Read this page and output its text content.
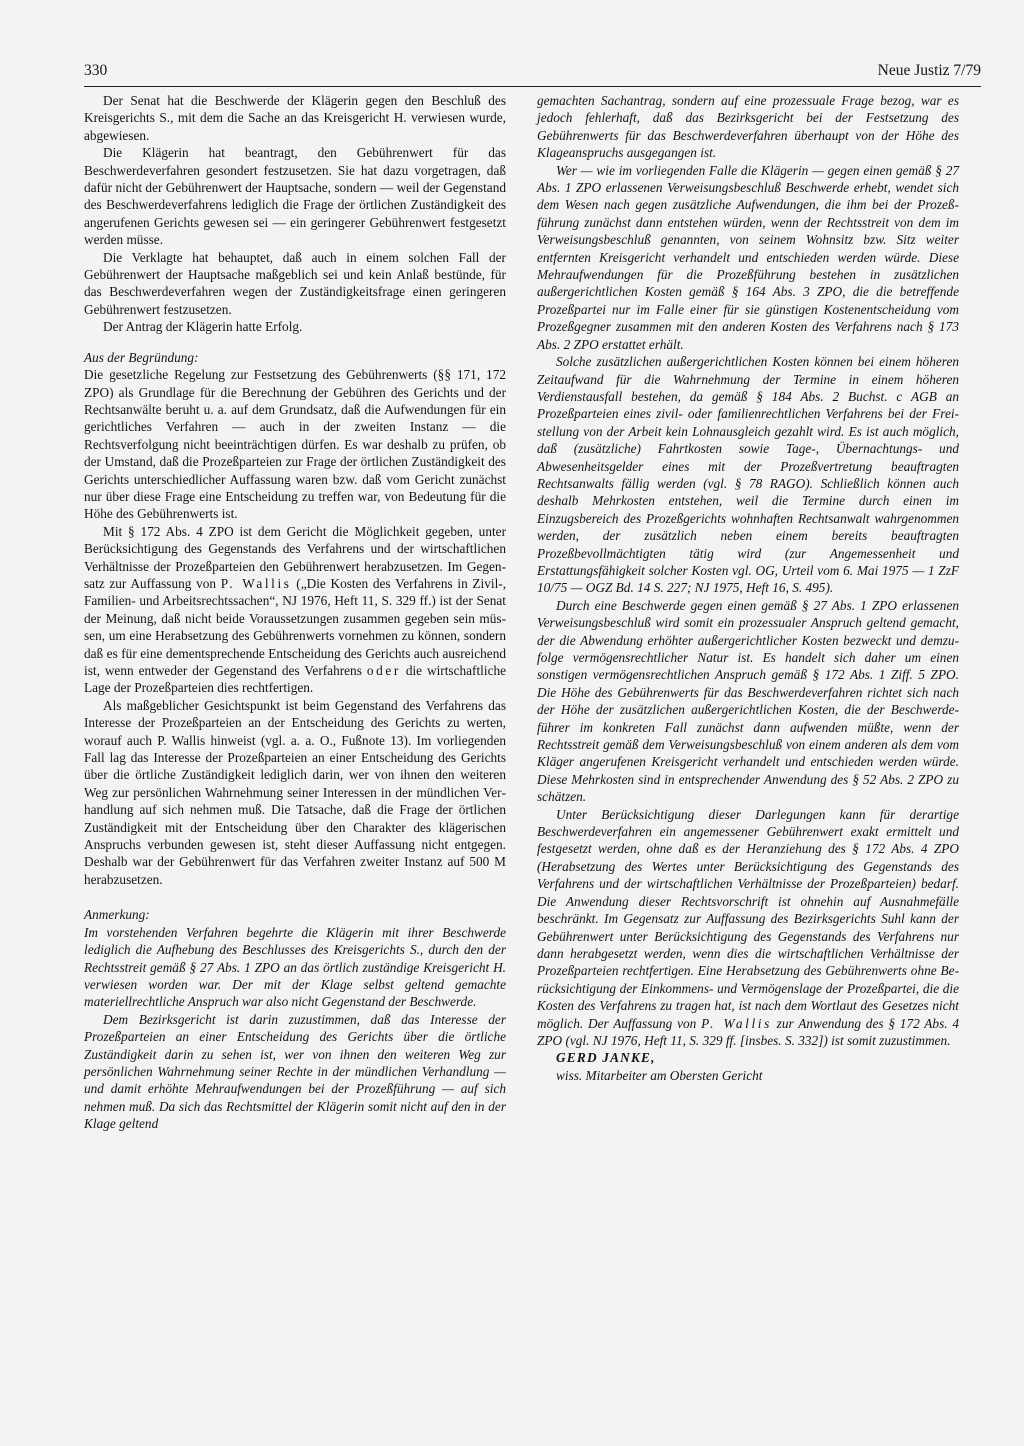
330	Neue Justiz 7/79

Der Senat hat die Beschwerde der Klägerin gegen den Beschluß des Kreisgerichts S., mit dem die Sache an das Kreisgericht H. verwiesen wurde, abgewiesen.

Die Klägerin hat beantragt, den Gebührenwert für das Beschwerdeverfahren gesondert festzusetzen. Sie hat dazu vorgetragen, daß dafür nicht der Gebührenwert der Hauptsache, sondern — weil der Gegenstand des Beschwerdeverfahrens lediglich die Frage der örtlichen Zuständigkeit des angerufenen Gerichts gewesen sei — ein geringerer Gebührenwert festgesetzt werden müsse.

Die Verklagte hat behauptet, daß auch in einem solchen Fall der Gebührenwert der Hauptsache maßgeblich sei und kein Anlaß bestünde, für das Beschwerdeverfahren wegen der Zuständigkeitsfrage einen geringeren Gebührenwert festzusetzen.

Der Antrag der Klägerin hatte Erfolg.

Aus der Begründung:

Die gesetzliche Regelung zur Festsetzung des Gebührenwerts (§§ 171, 172 ZPO) als Grundlage für die Berechnung der Gebühren des Gerichts und der Rechtsanwälte beruht u. a. auf dem Grundsatz, daß die Aufwendungen für ein gerichtliches Verfahren — auch in der zweiten Instanz — die Rechtsverfolgung nicht beeinträchtigen dürfen. Es war deshalb zu prüfen, ob der Umstand, daß die Prozeßparteien zur Frage der örtlichen Zuständigkeit des Gerichts unterschiedlicher Auffassung waren bzw. daß vom Gericht zunächst nur über diese Frage eine Entscheidung zu treffen war, von Bedeutung für die Höhe des Gebührenwerts ist.

Mit § 172 Abs. 4 ZPO ist dem Gericht die Möglichkeit gegeben, unter Berücksichtigung des Gegenstands des Verfahrens und der wirtschaftlichen Verhältnisse der Prozeßparteien den Gebührenwert herabzusetzen. Im Gegensatz zur Auffassung von P. Wallis („Die Kosten des Verfahrens in Zivil-, Familien- und Arbeitsrechtssachen“, NJ 1976, Heft 11, S. 329 ff.) ist der Senat der Meinung, daß nicht beide Voraussetzungen zusammen gegeben sein müssen, um eine Herabsetzung des Gebührenwerts vornehmen zu können, sondern daß es für eine dementsprechende Entscheidung des Gerichts auch ausreichend ist, wenn entweder der Gegenstand des Verfahrens oder die wirtschaftliche Lage der Prozeßparteien dies rechtfertigen.

Als maßgeblicher Gesichtspunkt ist beim Gegenstand des Verfahrens das Interesse der Prozeßparteien an der Entscheidung des Gerichts zu werten, worauf auch P. Wallis hinweist (vgl. a. a. O., Fußnote 13). Im vorliegenden Fall lag das Interesse der Prozeßparteien an einer Entscheidung des Gerichts über die örtliche Zuständigkeit lediglich darin, wer von ihnen den weiteren Weg zur persönlichen Wahrnehmung seiner Interessen in der mündlichen Verhandlung auf sich nehmen muß. Die Tatsache, daß die Frage der örtlichen Zuständigkeit mit der Entscheidung über den Charakter des klägerischen Anspruchs verbunden gewesen ist, steht dieser Auffassung nicht entgegen. Deshalb war der Gebührenwert für das Verfahren zweiter Instanz auf 500 M herabzusetzen.

Anmerkung:

Im vorstehenden Verfahren begehrte die Klägerin mit ihrer Beschwerde lediglich die Aufhebung des Beschlusses des Kreisgerichts S., durch den der Rechtsstreit gemäß § 27 Abs. 1 ZPO an das örtlich zuständige Kreisgericht H. verwiesen worden war. Der mit der Klage selbst geltend gemachte materiellrechtliche Anspruch war also nicht Gegenstand der Beschwerde.

Dem Bezirksgericht ist darin zuzustimmen, daß das Interesse der Prozeßparteien an einer Entscheidung des Gerichts über die örtliche Zuständigkeit darin zu sehen ist, wer von ihnen den weiteren Weg zur persönlichen Wahrnehmung seiner Rechte in der mündlichen Verhandlung — und damit erhöhte Mehraufwendungen bei der Prozeßführung — auf sich nehmen muß. Da sich das Rechtsmittel der Klägerin somit nicht auf den in der Klage geltend

gemachten Sachantrag, sondern auf eine prozessuale Frage bezog, war es jedoch fehlerhaft, daß das Bezirksgericht bei der Festsetzung des Gebührenwerts für das Beschwerdeverfahren überhaupt von der Höhe des Klageanspruchs ausgegangen ist.

Wer — wie im vorliegenden Falle die Klägerin — gegen einen gemäß § 27 Abs. 1 ZPO erlassenen Verweisungsbeschluß Beschwerde erhebt, wendet sich dem Wesen nach gegen zusätzliche Aufwendungen, die ihm bei der Prozeßführung zunächst dann entstehen würden, wenn der Rechtsstreit von dem im Verweisungsbeschluß genannten, von seinem Wohnsitz bzw. Sitz weiter entfernten Kreisgericht verhandelt und entschieden werden würde. Diese Mehraufwendungen für die Prozeßführung bestehen in zusätzlichen außergerichtlichen Kosten gemäß § 164 Abs. 3 ZPO, die die betreffende Prozeßpartei nur im Falle einer für sie günstigen Kostenentscheidung vom Prozeßgegner zusammen mit den anderen Kosten des Verfahrens nach § 173 Abs. 2 ZPO erstattet erhält.

Solche zusätzlichen außergerichtlichen Kosten können bei einem höheren Zeitaufwand für die Wahrnehmung der Termine in einem höheren Verdienstausfall bestehen, da gemäß § 184 Abs. 2 Buchst. c AGB an Prozeßparteien eines zivil- oder familienrechtlichen Verfahrens bei der Freistellung von der Arbeit kein Lohnausgleich gezahlt wird. Es ist auch möglich, daß (zusätzliche) Fahrtkosten sowie Tage-, Übernachtungs- und Abwesenheitsgelder eines mit der Prozeßvertretung beauftragten Rechtsanwalts fällig werden (vgl. § 78 RAGO). Schließlich können auch deshalb Mehrkosten entstehen, weil die Termine durch einen im Einzugsbereich des Prozeßgerichts wohnhaften Rechtsanwalt wahrgenommen werden, der zusätzlich neben einem bereits beauftragten Prozeßbevollmächtigten tätig wird (zur Angemessenheit und Erstattungsfähigkeit solcher Kosten vgl. OG, Urteil vom 6. Mai 1975 — 1 ZzF 10/75 — OGZ Bd. 14 S. 227; NJ 1975, Heft 16, S. 495).

Durch eine Beschwerde gegen einen gemäß § 27 Abs. 1 ZPO erlassenen Verweisungsbeschluß wird somit ein prozessualer Anspruch geltend gemacht, der die Abwendung erhöhter außergerichtlicher Kosten bezweckt und demzufolge vermögensrechtlicher Natur ist. Es handelt sich daher um einen sonstigen vermögensrechtlichen Anspruch gemäß § 172 Abs. 1 Ziff. 5 ZPO. Die Höhe des Gebührenwerts für das Beschwerdeverfahren richtet sich nach der Höhe der zusätzlichen außergerichtlichen Kosten, die der Beschwerdeführer im konkreten Fall zunächst dann aufwenden müßte, wenn der Rechtsstreit gemäß dem Verweisungsbeschluß von einem anderen als dem vom Kläger angerufenen Kreisgericht verhandelt und entschieden werden würde. Diese Mehrkosten sind in entsprechender Anwendung des § 52 Abs. 2 ZPO zu schätzen.

Unter Berücksichtigung dieser Darlegungen kann für derartige Beschwerdeverfahren ein angemessener Gebührenwert exakt ermittelt und festgesetzt werden, ohne daß es der Heranziehung des § 172 Abs. 4 ZPO (Herabsetzung des Wertes unter Berücksichtigung des Gegenstands des Verfahrens und der wirtschaftlichen Verhältnisse der Prozeßparteien) bedarf. Die Anwendung dieser Rechtsvorschrift ist ohnehin auf Ausnahmefälle beschränkt. Im Gegensatz zur Auffassung des Bezirksgerichts Suhl kann der Gebührenwert unter Berücksichtigung des Gegenstands des Verfahrens nur dann herabgesetzt werden, wenn dies die wirtschaftlichen Verhältnisse der Prozeßparteien rechtfertigen. Eine Herabsetzung des Gebührenwerts ohne Berücksichtigung der Einkommens- und Vermögenslage der Prozeßpartei, die die Kosten des Verfahrens zu tragen hat, ist nach dem Wortlaut des Gesetzes nicht möglich. Der Auffassung von P. Wallis zur Anwendung des § 172 Abs. 4 ZPO (vgl. NJ 1976, Heft 11, S. 329 ff. [insbes. S. 332]) ist somit zuzustimmen.

GERD JANKE,
wiss. Mitarbeiter am Obersten Gericht
